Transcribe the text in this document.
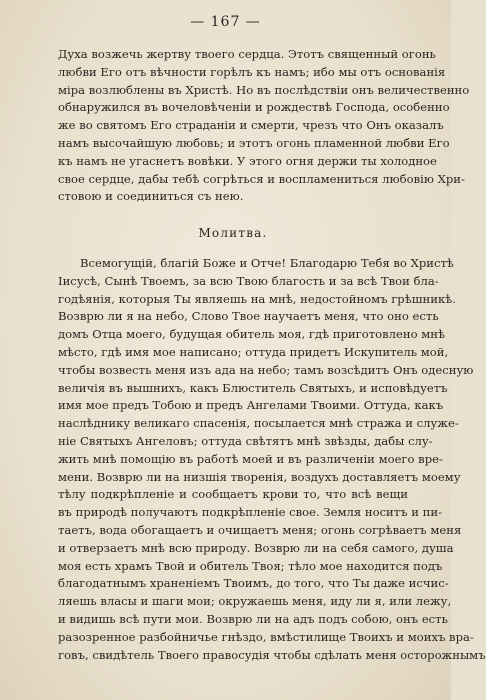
— 167 —
Духа возжечь жертву твоего сердца. Этотъ священный огонь
любви Его отъ вѣчности горѣлъ къ намъ; ибо мы отъ основанія
міра возлюблены въ Христѣ. Но въ послѣдствіи онъ величественно
обнаружился въ вочеловѣченіи и рождествѣ Господа, особенно
же во святомъ Его страданіи и смерти, чрезъ что Онъ оказалъ
намъ высочайшую любовь; и этотъ огонь пламенной любви Его
къ намъ не угаснетъ вовѣки. У этого огня держи ты холодное
свое сердце, дабы тебѣ согрѣться и воспламениться любовію Хри-
стовою и соединиться съ нею.
Молитва.
Всемогущій, благій Боже и Отче! Благодарю Тебя во Христѣ
Іисусѣ, Сынѣ Твоемъ, за всю Твою благость и за всѣ Твои бла-
годѣянія, которыя Ты являешь на мнѣ, недостойномъ грѣшникѣ.
Возврю ли я на небо, Слово Твое научаетъ меня, что оно есть
домъ Отца моего, будущая обитель моя, гдѣ приготовлено мнѣ
мѣсто, гдѣ имя мое написано; оттуда придетъ Искупитель мой,
чтобы возвесть меня изъ ада на небо; тамъ возсѣдитъ Онъ одесную
величія въ вышнихъ, какъ Блюститель Святыхъ, и исповѣдуетъ
имя мое предъ Тобою и предъ Ангелами Твоими. Оттуда, какъ
наслѣднику великаго спасенія, посылается мнѣ стража и служе-
ніе Святыхъ Ангеловъ; оттуда свѣтятъ мнѣ звѣзды, дабы слу-
жить мнѣ помощію въ работѣ моей и въ различеніи моего вре-
мени. Возврю ли на низшія творенія, воздухъ доставляетъ моему
тѣлу подкрѣпленіе и сообщаетъ крови то, что всѣ вещи
въ природѣ получаютъ подкрѣпленіе свое. Земля носитъ и пи-
таетъ, вода обогащаетъ и очищаетъ меня; огонь согрѣваетъ меня
и отверзаетъ мнѣ всю природу. Возврю ли на себя самого, душа
моя есть храмъ Твой и обитель Твоя; тѣло мое находится подъ
благодатнымъ храненіемъ Твоимъ, до того, что Ты даже исчис-
ляешь власы и шаги мои; окружаешь меня, иду ли я, или лежу,
и видишь всѣ пути мои. Возврю ли на адъ подъ собою, онъ есть
разозренное разбойничье гнѣздо, вмѣстилище Твоихъ и моихъ вра-
говъ, свидѣтель Твоего правосудія чтобы сдѣлать меня осторожнымъ
